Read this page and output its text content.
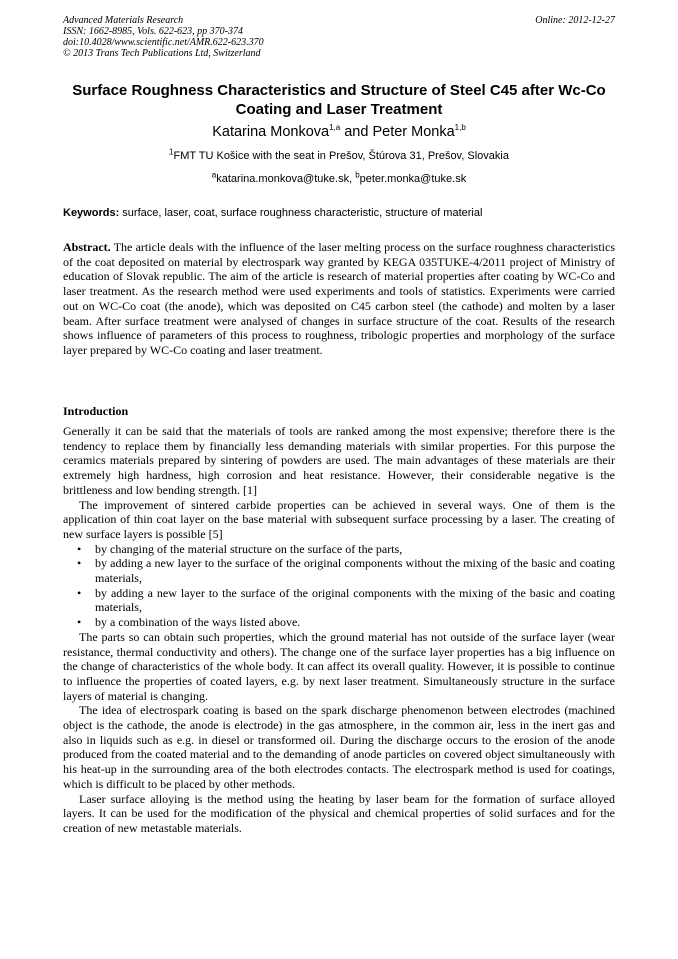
Advanced Materials Research	Online: 2012-12-27
ISSN: 1662-8985, Vols. 622-623, pp 370-374
doi:10.4028/www.scientific.net/AMR.622-623.370
© 2013 Trans Tech Publications Ltd, Switzerland
Surface Roughness Characteristics and Structure of Steel C45 after Wc-Co Coating and Laser Treatment
Katarina Monkova$^{1,a}$ and Peter Monka$^{1,b}$
$^1$FMT TU Košice with the seat in Prešov, Štúrova 31, Prešov, Slovakia
$^a$katarina.monkova@tuke.sk, $^b$peter.monka@tuke.sk
Keywords: surface, laser, coat, surface roughness characteristic, structure of material
Abstract. The article deals with the influence of the laser melting process on the surface roughness characteristics of the coat deposited on material by electrospark way granted by KEGA 035TUKE-4/2011 project of Ministry of education of Slovak republic. The aim of the article is research of material properties after coating by WC-Co and laser treatment. As the research method were used experiments and tools of statistics. Experiments were carried out on WC-Co coat (the anode), which was deposited on C45 carbon steel (the cathode) and molten by a laser beam. After surface treatment were analysed of changes in surface structure of the coat. Results of the research shows influence of parameters of this process to roughness, tribologic properties and morphology of the surface layer prepared by WC-Co coating and laser treatment.
Introduction

Generally it can be said that the materials of tools are ranked among the most expensive; therefore there is the tendency to replace them by financially less demanding materials with similar properties. For this purpose the ceramics materials prepared by sintering of powders are used. The main advantages of these materials are their extremely high hardness, high corrosion and heat resistance. However, their considerable negative is the brittleness and low bending strength. [1]

The improvement of sintered carbide properties can be achieved in several ways. One of them is the application of thin coat layer on the base material with subsequent surface processing by a laser. The creating of new surface layers is possible [5]

• by changing of the material structure on the surface of the parts,
• by adding a new layer to the surface of the original components without the mixing of the basic and coating materials,
• by adding a new layer to the surface of the original components with the mixing of the basic and coating materials,
• by a combination of the ways listed above.

The parts so can obtain such properties, which the ground material has not outside of the surface layer (wear resistance, thermal conductivity and others). The change one of the surface layer properties has a big influence on the change of characteristics of the whole body. It can affect its overall quality. However, it is possible to continue to influence the properties of coated layers, e.g. by next laser treatment. Simultaneously structure in the surface layers of material is changing.

The idea of electrospark coating is based on the spark discharge phenomenon between electrodes (machined object is the cathode, the anode is electrode) in the gas atmosphere, in the common air, less in the inert gas and also in liquids such as e.g. in diesel or transformed oil. During the discharge occurs to the erosion of the anode produced from the coated material and to the demanding of anode particles on covered object simultaneously with his heat-up in the surrounding area of the both electrodes contacts. The electrospark method is used for coatings, which is difficult to be placed by other methods.

Laser surface alloying is the method using the heating by laser beam for the formation of surface alloyed layers. It can be used for the modification of the physical and chemical properties of solid surfaces and for the creation of new metastable materials.
